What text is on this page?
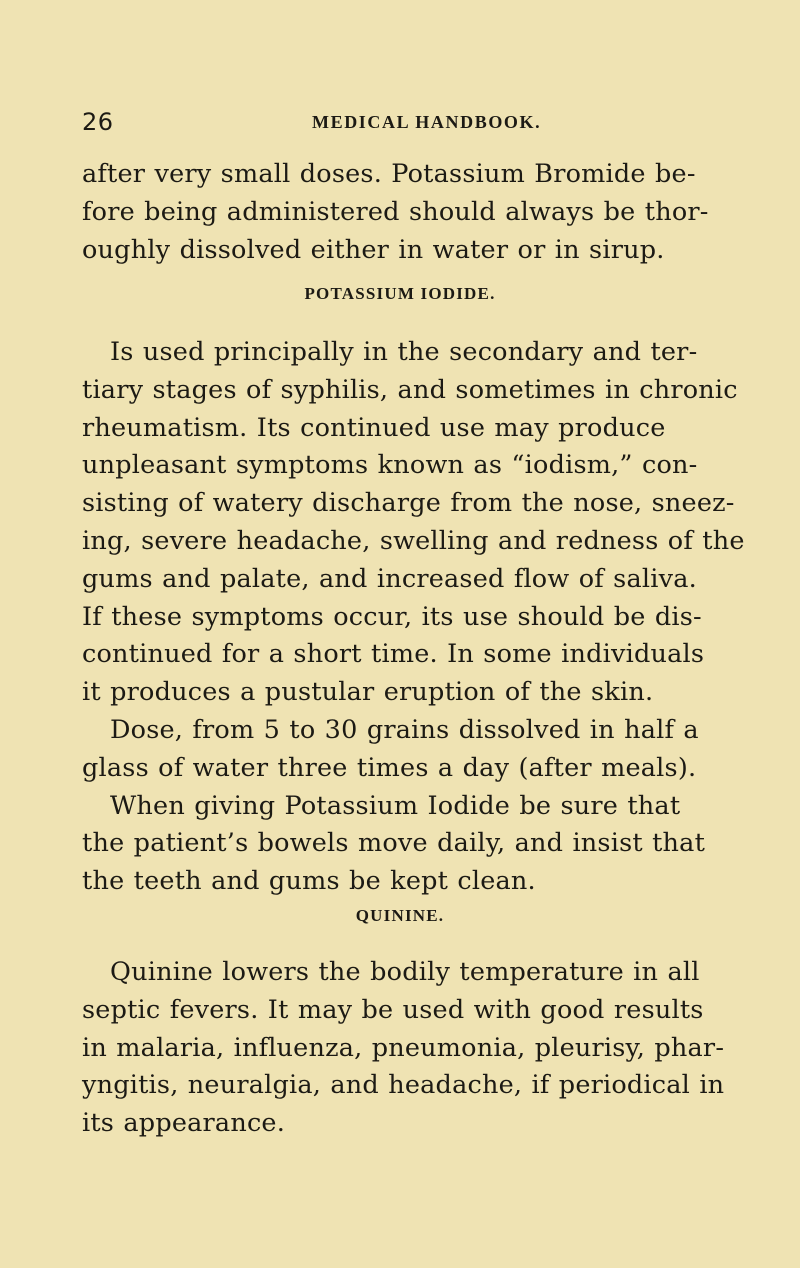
26	MEDICAL HANDBOOK.
after very small doses. Potassium Bromide be-
fore being administered should always be thor-
oughly dissolved either in water or in sirup.
POTASSIUM IODIDE.
Is used principally in the secondary and ter-
tiary stages of syphilis, and sometimes in chronic
rheumatism. Its continued use may produce
unpleasant symptoms known as “iodism,” con-
sisting of watery discharge from the nose, sneez-
ing, severe headache, swelling and redness of the
gums and palate, and increased flow of saliva.
If these symptoms occur, its use should be dis-
continued for a short time. In some individuals
it produces a pustular eruption of the skin.
Dose, from 5 to 30 grains dissolved in half a
glass of water three times a day (after meals).
When giving Potassium Iodide be sure that
the patient’s bowels move daily, and insist that
the teeth and gums be kept clean.
QUININE.
Quinine lowers the bodily temperature in all
septic fevers. It may be used with good results
in malaria, influenza, pneumonia, pleurisy, phar-
yngitis, neuralgia, and headache, if periodical in
its appearance.
